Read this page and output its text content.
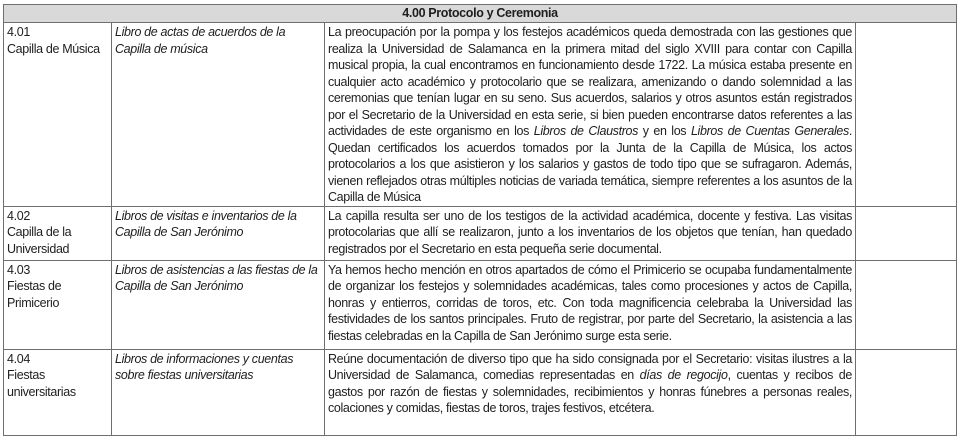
4.00 Protocolo y Ceremonia			

4.01
Capilla de Música	Libro de actas de acuerdos de la Capilla de música	La preocupación por la pompa y los festejos académicos queda demostrada con las gestiones que realiza la Universidad de Salamanca en la primera mitad del siglo XVIII para contar con Capilla musical propia, la cual encontramos en funcionamiento desde 1722. La música estaba presente en cualquier acto académico y protocolario que se realizara, amenizando o dando solemnidad a las ceremonias que tenían lugar en su seno. Sus acuerdos, salarios y otros asuntos están registrados por el Secretario de la Universidad en esta serie, si bien pueden encontrarse datos referentes a las actividades de este organismo en los Libros de Claustros y en los Libros de Cuentas Generales. Quedan certificados los acuerdos tomados por la Junta de la Capilla de Música, los actos protocolarios a los que asistieron y los salarios y gastos de todo tipo que se sufragaron. Además, vienen reflejados otras múltiples noticias de variada temática, siempre referentes a los asuntos de la Capilla de Música	

4.02
Capilla de la Universidad	Libros de visitas e inventarios de la Capilla de San Jerónimo	La capilla resulta ser uno de los testigos de la actividad académica, docente y festiva. Las visitas protocolarias que allí se realizaron, junto a los inventarios de los objetos que tenían, han quedado registrados por el Secretario en esta pequeña serie documental.	

4.03
Fiestas de Primicerio	Libros de asistencias a las fiestas de la Capilla de San Jerónimo	Ya hemos hecho mención en otros apartados de cómo el Primicerio se ocupaba fundamentalmente de organizar los festejos y solemnidades académicas, tales como procesiones y actos de Capilla, honras y entierros, corridas de toros, etc. Con toda magnificencia celebraba la Universidad las festividades de los santos principales. Fruto de registrar, por parte del Secretario, la asistencia a las fiestas celebradas en la Capilla de San Jerónimo surge esta serie.	

4.04
Fiestas universitarias	Libros de informaciones y cuentas sobre fiestas universitarias	Reúne documentación de diverso tipo que ha sido consignada por el Secretario: visitas ilustres a la Universidad de Salamanca, comedias representadas en días de regocijo, cuentas y recibos de gastos por razón de fiestas y solemnidades, recibimientos y honras fúnebres a personas reales, colaciones y comidas, fiestas de toros, trajes festivos, etcétera.	
